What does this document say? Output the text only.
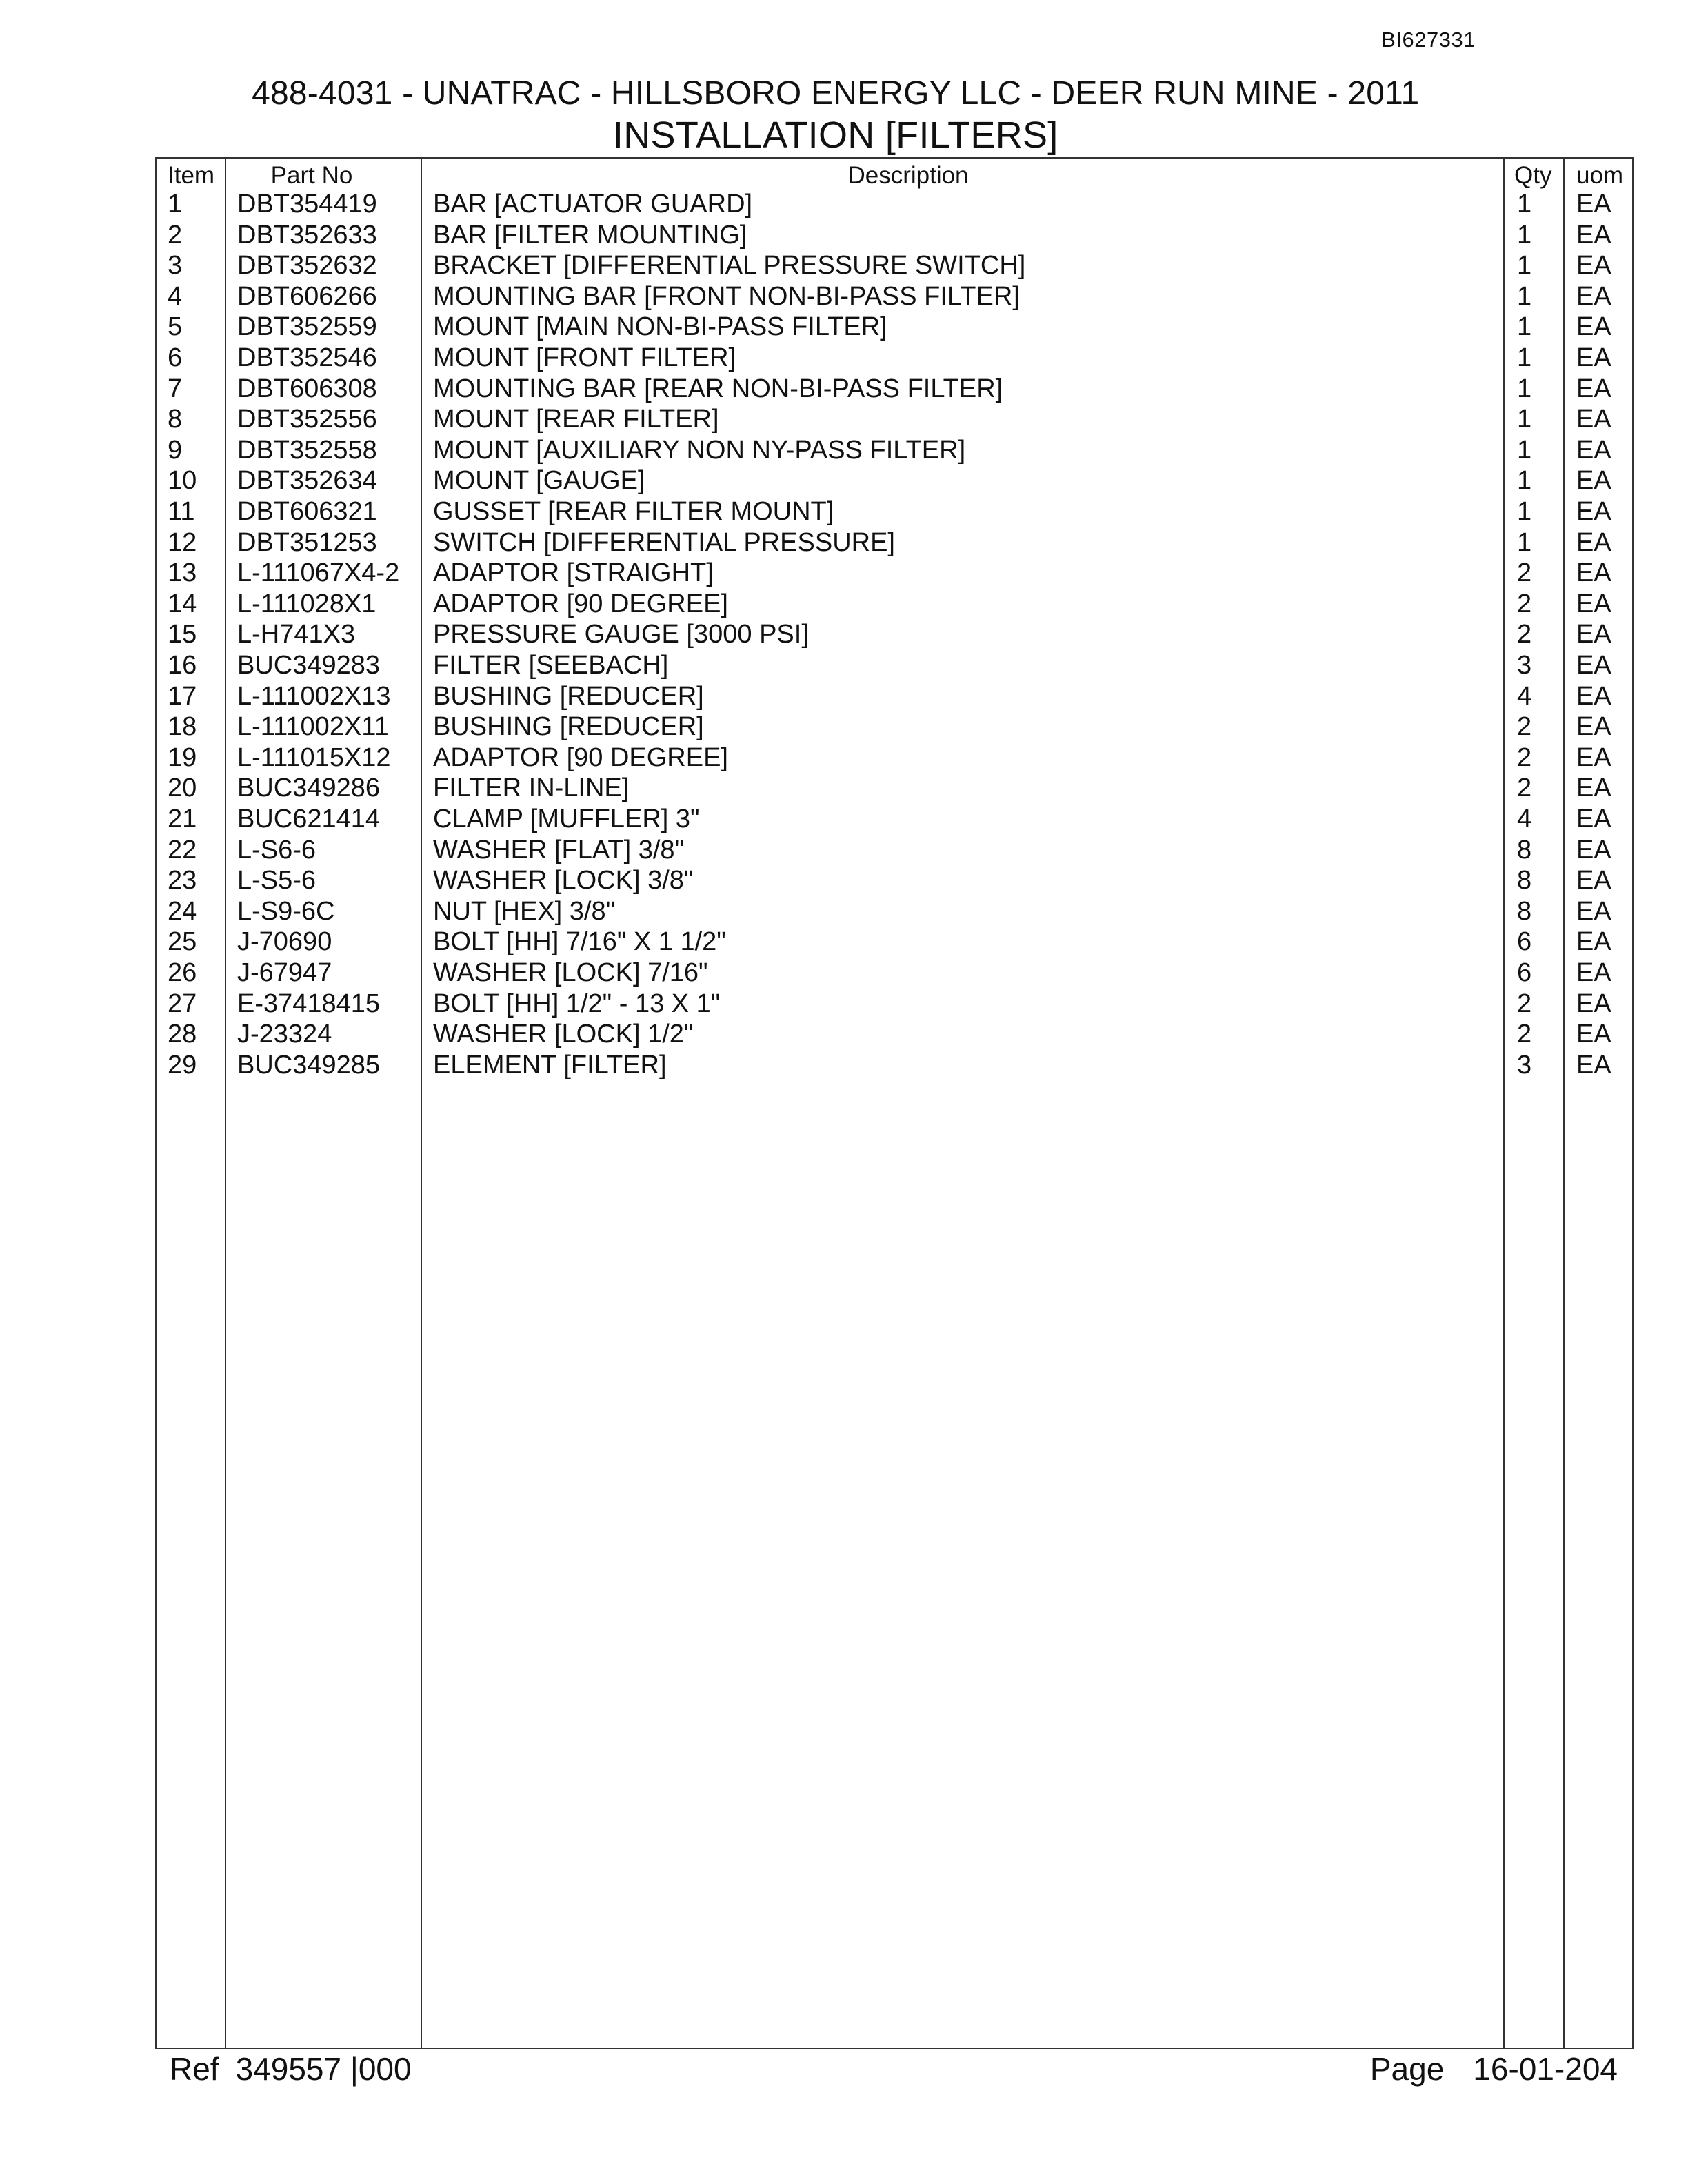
BI627331
488-4031 - UNATRAC - HILLSBORO ENERGY LLC - DEER RUN MINE - 2011
INSTALLATION [FILTERS]
Item	Part No	Description	Qty uom
1 DBT354419 BAR [ACTUATOR GUARD]	1 EA
2 DBT352633 BAR [FILTER MOUNTING]	1 EA
3 DBT352632 BRACKET [DIFFERENTIAL PRESSURE SWITCH]	1 EA
4 DBT606266 MOUNTING BAR [FRONT NON-BI-PASS FILTER]	1 EA
5 DBT352559 MOUNT [MAIN NON-BI-PASS FILTER]	1 EA
6 DBT352546 MOUNT [FRONT FILTER]	1 EA
7 DBT606308 MOUNTING BAR [REAR NON-BI-PASS FILTER]	1 EA
8 DBT352556 MOUNT [REAR FILTER]	1 EA
9 DBT352558 MOUNT [AUXILIARY NON NY-PASS FILTER]	1 EA
10 DBT352634 MOUNT [GAUGE]	1 EA
11 DBT606321 GUSSET [REAR FILTER MOUNT]	1 EA
12 DBT351253 SWITCH [DIFFERENTIAL PRESSURE]	1 EA
13 L-111067X4-2 ADAPTOR [STRAIGHT]	2 EA
14 L-111028X1 ADAPTOR [90 DEGREE]	2 EA
15 L-H741X3	PRESSURE GAUGE [3000 PSI]	2 EA
16 BUC349283 FILTER [SEEBACH]	3 EA
17 L-111002X13 BUSHING [REDUCER]	4 EA
18 L-111002X11 BUSHING [REDUCER]	2 EA
19 L-111015X12 ADAPTOR [90 DEGREE]	2 EA
20 BUC349286 FILTER IN-LINE]	2 EA
21 BUC621414 CLAMP [MUFFLER] 3"	4 EA
22 L-S6-6	WASHER [FLAT] 3/8"	8 EA
23 L-S5-6	WASHER [LOCK] 3/8"	8 EA
24 L-S9-6C	NUT [HEX] 3/8"	8 EA
25 J-70690	BOLT [HH] 7/16" X 1 1/2"	6 EA
26 J-67947	WASHER [LOCK] 7/16"	6 EA
27 E-37418415 BOLT [HH] 1/2" - 13 X 1"	2 EA
28 J-23324	WASHER [LOCK] 1/2"	2 EA
29 BUC349285 ELEMENT [FILTER]	3 EA
Ref 349557 |000	Page 16-01-204
